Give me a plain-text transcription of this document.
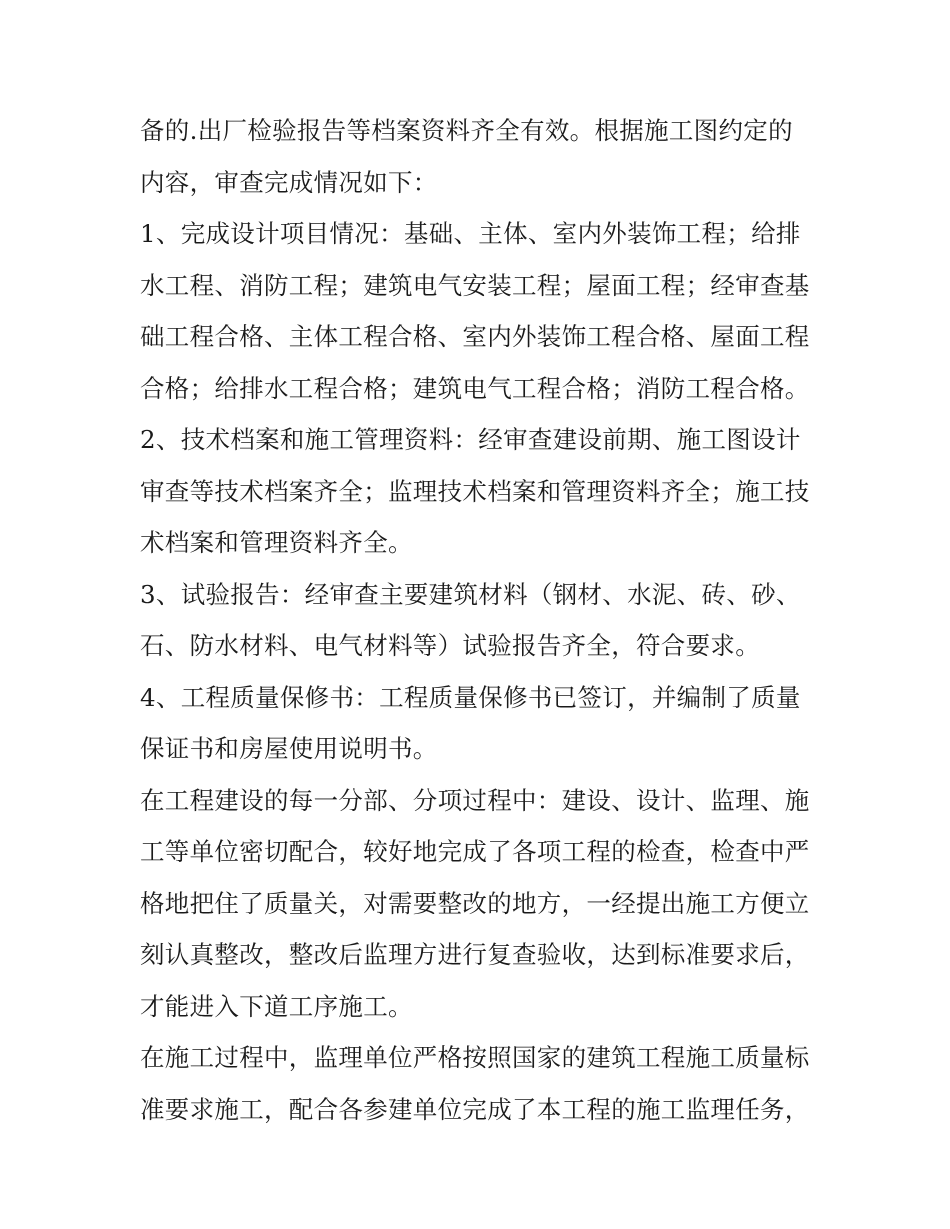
备的.出厂检验报告等档案资料齐全有效。根据施工图约定的
内容，审查完成情况如下：
1、完成设计项目情况：基础、主体、室内外装饰工程；给排
水工程、消防工程；建筑电气安装工程；屋面工程；经审查基
础工程合格、主体工程合格、室内外装饰工程合格、屋面工程
合格；给排水工程合格；建筑电气工程合格；消防工程合格。
2、技术档案和施工管理资料：经审查建设前期、施工图设计
审查等技术档案齐全；监理技术档案和管理资料齐全；施工技
术档案和管理资料齐全。
3、试验报告：经审查主要建筑材料（钢材、水泥、砖、砂、
石、防水材料、电气材料等）试验报告齐全，符合要求。
4、工程质量保修书：工程质量保修书已签订，并编制了质量
保证书和房屋使用说明书。
在工程建设的每一分部、分项过程中：建设、设计、监理、施
工等单位密切配合，较好地完成了各项工程的检查，检查中严
格地把住了质量关，对需要整改的地方，一经提出施工方便立
刻认真整改，整改后监理方进行复查验收，达到标准要求后，
才能进入下道工序施工。
在施工过程中，监理单位严格按照国家的建筑工程施工质量标
准要求施工，配合各参建单位完成了本工程的施工监理任务，
